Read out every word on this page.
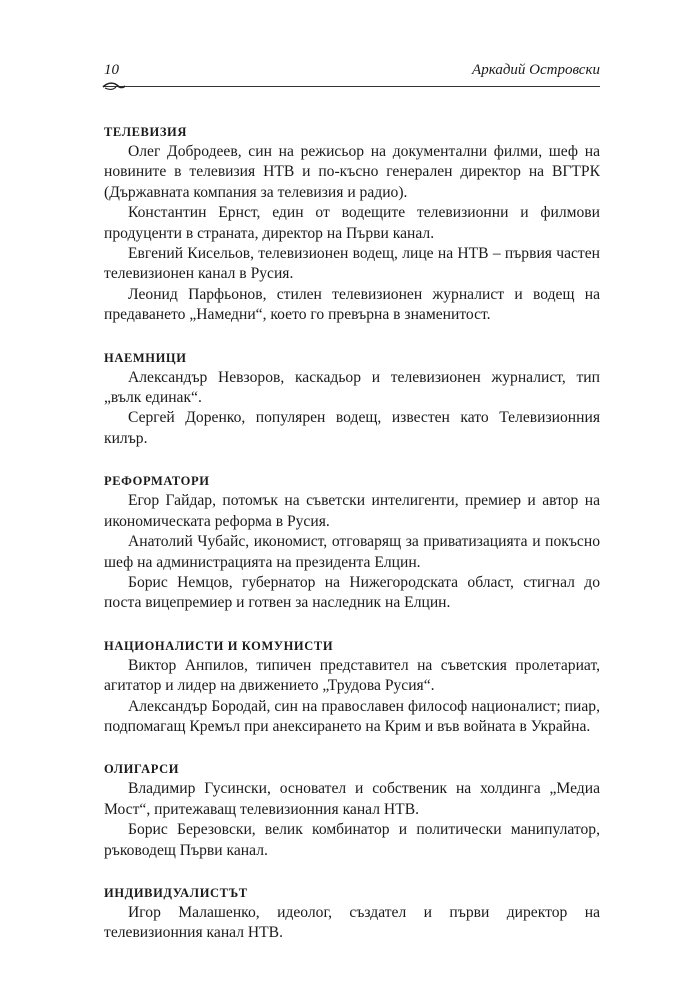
10	Аркадий Островски
ТЕЛЕВИЗИЯ

Олег Добродеев, син на режисьор на документални филми, шеф на новините в телевизия НТВ и по-късно генерален директор на ВГТРК (Държавната компания за телевизия и радио).

Константин Ернст, един от водещите телевизионни и филмови продуценти в страната, директор на Първи канал.

Евгений Кисельов, телевизионен водещ, лице на НТВ – първия частен телевизионен канал в Русия.

Леонид Парфьонов, стилен телевизионен журналист и водещ на предаването „Намедни“, което го превърна в знаменитост.

НАЕМНИЦИ

Александър Невзоров, каскадьор и телевизионен журналист, тип „вълк единак“.

Сергей Доренко, популярен водещ, известен като Телевизионния килър.

РЕФОРМАТОРИ

Егор Гайдар, потомък на съветски интелигенти, премиер и автор на икономическата реформа в Русия.

Анатолий Чубайс, икономист, отговарящ за приватизацията и покъсно шеф на администрацията на президента Елцин.

Борис Немцов, губернатор на Нижегородската област, стигнал до поста вицепремиер и готвен за наследник на Елцин.

НАЦИОНАЛИСТИ И КОМУНИСТИ

Виктор Анпилов, типичен представител на съветския пролетариат, агитатор и лидер на движението „Трудова Русия“.

Александър Бородай, син на православен философ националист; пиар, подпомагащ Кремъл при анексирането на Крим и във войната в Украйна.

ОЛИГАРСИ

Владимир Гусински, основател и собственик на холдинга „Медиа Мост“, притежаващ телевизионния канал НТВ.

Борис Березовски, велик комбинатор и политически манипулатор, ръководещ Първи канал.

ИНДИВИДУАЛИСТЪТ

Игор Малашенко, идеолог, създател и първи директор на телевизионния канал НТВ.
